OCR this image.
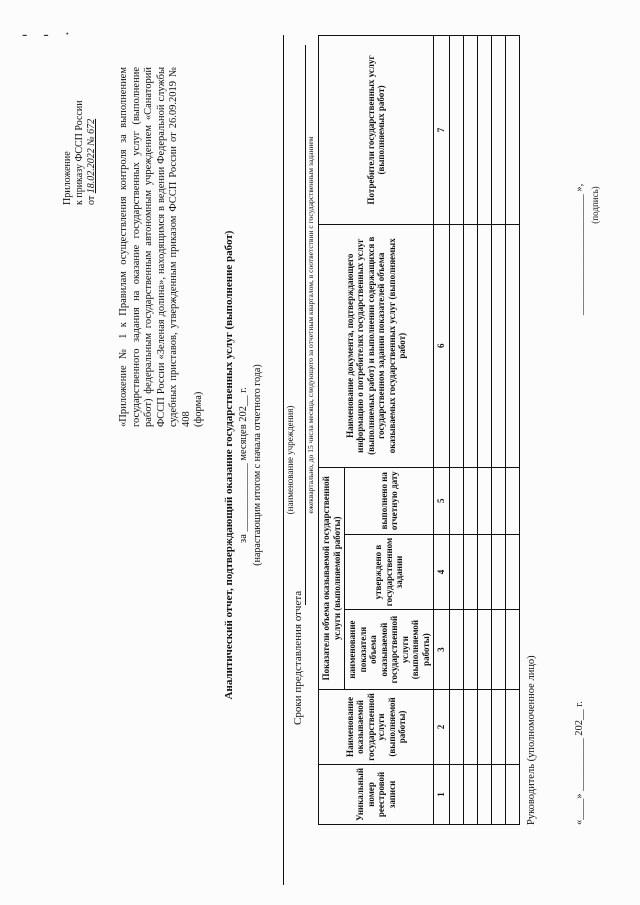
- - ·
Приложение к приказу ФССП России от 18.02.2022 № 672 «Приложение № 1 к Правилам осуществления контроля за выполнением государственного задания на оказание государственных услуг (выполнение работ) федеральным государственным автономным учреждением «Санаторий ФССП России «Зеленая долина», находящимся в ведении Федеральной службы судебных приставов, утвержденным приказом ФССП России от 26.09.2019 № 408 (форма) Аналитический отчет, подтверждающий оказание государственных услуг (выполнение работ) за _____________ месяцев 202__ г. (нарастающим итогом с начала отчетного года) (наименование учреждения)
Сроки представления отчета
ежеквартально, до 15 числа месяца, следующего за отчетным кварталом, в соответствии с государственным заданием
Уникальный номер реестровой записи	Наименование оказываемой государственной услуги (выполняемой работы)	Показатели объема оказываемой государственной услуги (выполняемой работы)			Наименование документа, подтверждающего информацию о потребителях государственных услуг (выполняемых работ) и выполнении содержащихся в государственном задании показателей объема оказываемых государственных услуг (выполняемых работ)	Потребители государственных услуг (выполняемых работ)
		наименование показателя объема оказываемой государственной услуги (выполняемой работы)	утверждено в государственном задании	выполнено на отчетную дату		
1	2	3	4	5	6	7

Руководитель (уполномоченное лицо)	«____» __________ 202__ г.
_______________________ », (подпись)
